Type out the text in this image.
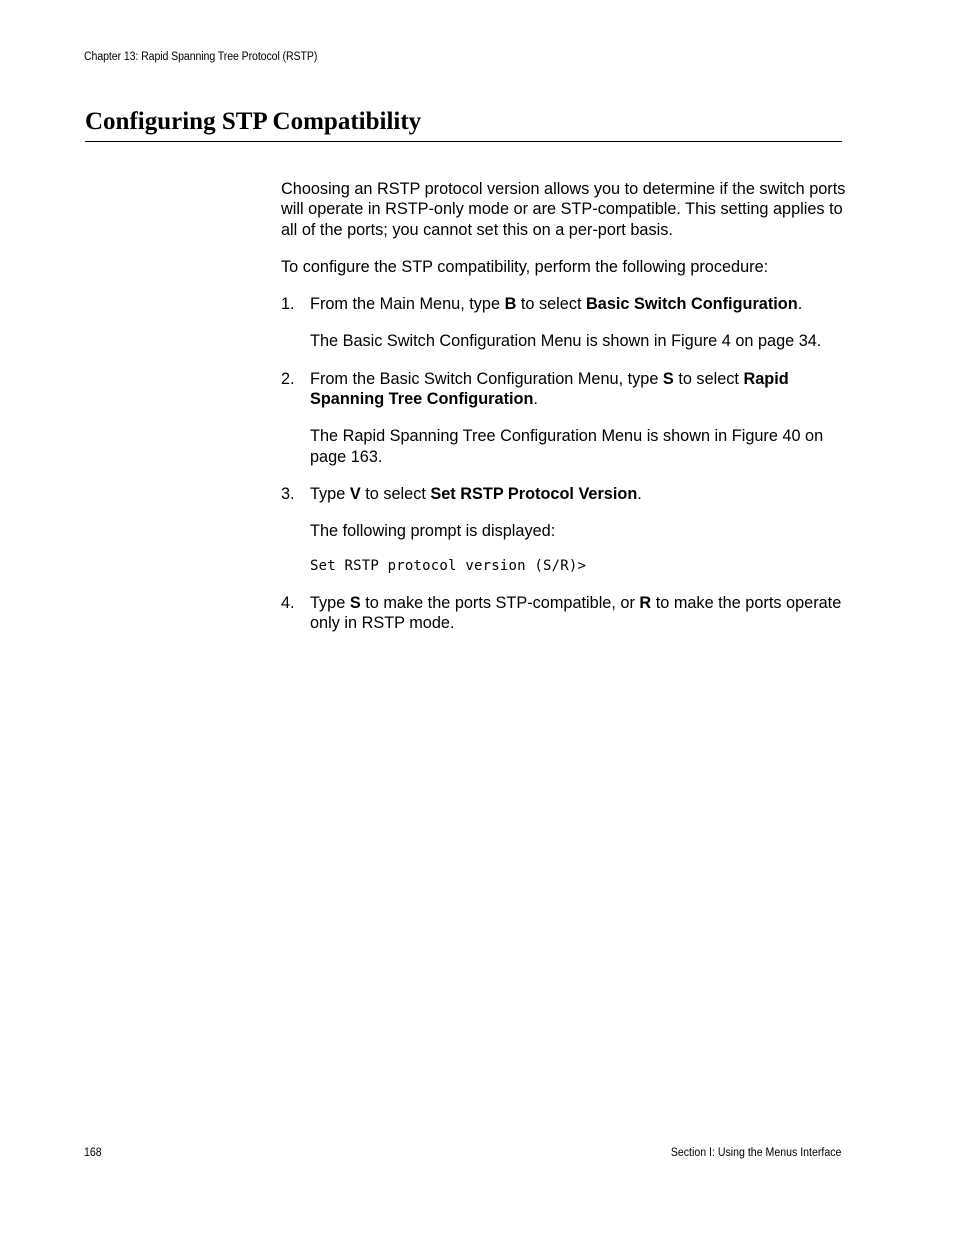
Chapter 13: Rapid Spanning Tree Protocol (RSTP)
Configuring STP Compatibility

Choosing an RSTP protocol version allows you to determine if the switch ports will operate in RSTP-only mode or are STP-compatible. This setting applies to all of the ports; you cannot set this on a per-port basis.

To configure the STP compatibility, perform the following procedure:

1. From the Main Menu, type B to select Basic Switch Configuration.

The Basic Switch Configuration Menu is shown in Figure 4 on page 34.

2. From the Basic Switch Configuration Menu, type S to select Rapid Spanning Tree Configuration.

The Rapid Spanning Tree Configuration Menu is shown in Figure 40 on page 163.

3. Type V to select Set RSTP Protocol Version.

The following prompt is displayed:

Set RSTP protocol version (S/R)>

4. Type S to make the ports STP-compatible, or R to make the ports operate only in RSTP mode.

168	Section I: Using the Menus Interface
